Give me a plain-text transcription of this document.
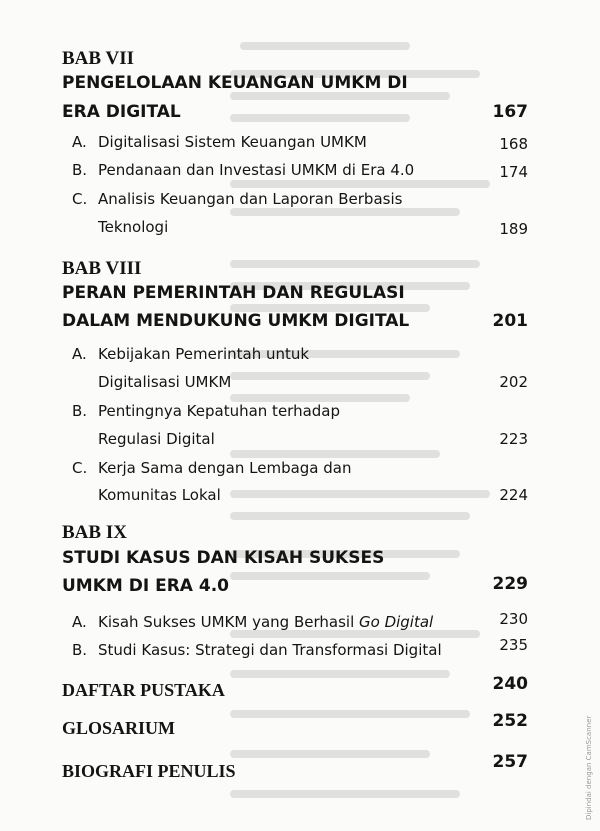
BAB VII
PENGELOLAAN KEUANGAN UMKM DI
ERA DIGITAL	167
A. Digitalisasi Sistem Keuangan UMKM	168
B. Pendanaan dan Investasi UMKM di Era 4.0	174
C. Analisis Keuangan dan Laporan Berbasis
Teknologi	189
BAB VIII
PERAN PEMERINTAH DAN REGULASI
DALAM MENDUKUNG UMKM DIGITAL	201
A. Kebijakan Pemerintah untuk
Digitalisasi UMKM	202
B. Pentingnya Kepatuhan terhadap
Regulasi Digital	223
C. Kerja Sama dengan Lembaga dan
Komunitas Lokal	224
BAB IX
STUDI KASUS DAN KISAH SUKSES
UMKM DI ERA 4.0	229
A. Kisah Sukses UMKM yang Berhasil Go Digital	230
B. Studi Kasus: Strategi dan Transformasi Digital	235
DAFTAR PUSTAKA	240
GLOSARIUM	252
BIOGRAFI PENULIS	257	Dipindai dengan CamScanner
